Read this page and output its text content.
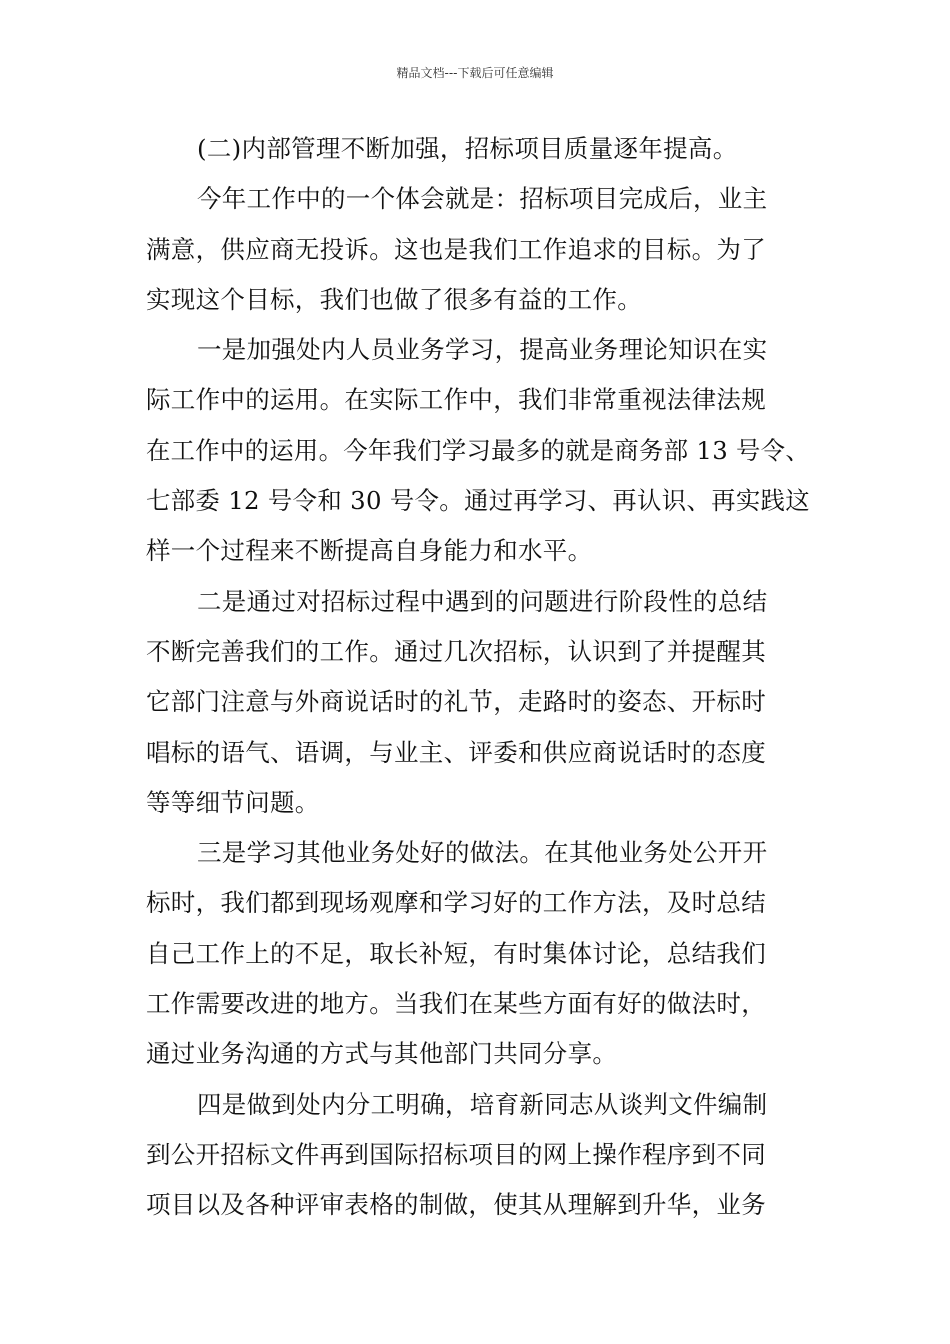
精品文档---下载后可任意编辑
(二)内部管理不断加强，招标项目质量逐年提高。
今年工作中的一个体会就是：招标项目完成后，业主
满意，供应商无投诉。这也是我们工作追求的目标。为了
实现这个目标，我们也做了很多有益的工作。
一是加强处内人员业务学习，提高业务理论知识在实
际工作中的运用。在实际工作中，我们非常重视法律法规
在工作中的运用。今年我们学习最多的就是商务部 13 号令、
七部委 12 号令和 30 号令。通过再学习、再认识、再实践这
样一个过程来不断提高自身能力和水平。
二是通过对招标过程中遇到的问题进行阶段性的总结
不断完善我们的工作。通过几次招标，认识到了并提醒其
它部门注意与外商说话时的礼节，走路时的姿态、开标时
唱标的语气、语调，与业主、评委和供应商说话时的态度
等等细节问题。
三是学习其他业务处好的做法。在其他业务处公开开
标时，我们都到现场观摩和学习好的工作方法，及时总结
自己工作上的不足，取长补短，有时集体讨论，总结我们
工作需要改进的地方。当我们在某些方面有好的做法时，
通过业务沟通的方式与其他部门共同分享。
四是做到处内分工明确，培育新同志从谈判文件编制
到公开招标文件再到国际招标项目的网上操作程序到不同
项目以及各种评审表格的制做，使其从理解到升华，业务
